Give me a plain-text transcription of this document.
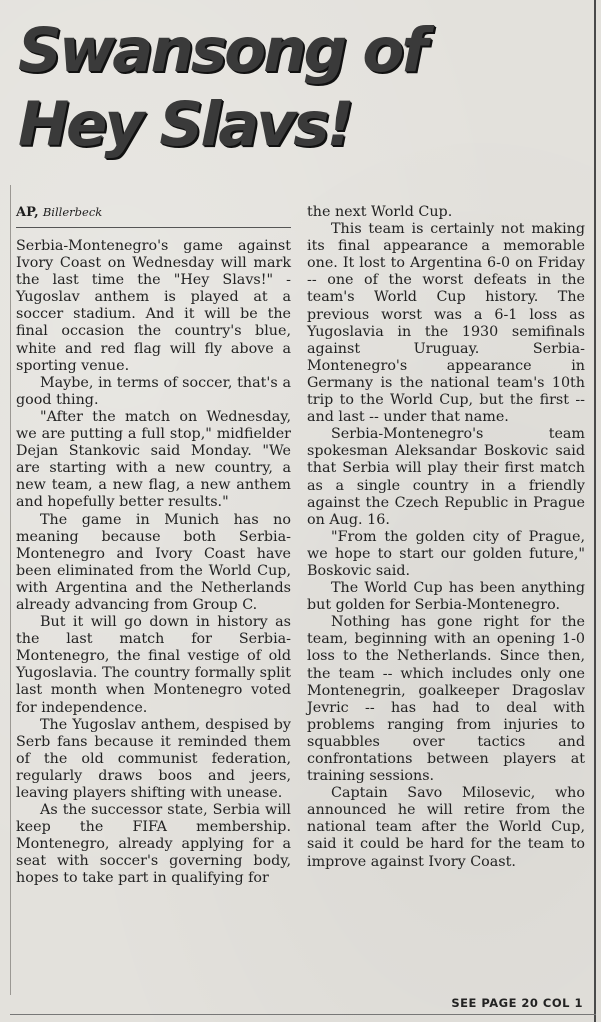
Swansong of
Hey Slavs!
AP, Billerbeck

Serbia-Montenegro's game against Ivory Coast on Wednesday will mark the last time the "Hey Slavs!" -Yugoslav anthem is played at a soccer stadium. And it will be the final occasion the country's blue, white and red flag will fly above a sporting venue.

Maybe, in terms of soccer, that's a good thing.

"After the match on Wednesday, we are putting a full stop," midfielder Dejan Stankovic said Monday. "We are starting with a new country, a new team, a new flag, a new anthem and hopefully better results."

The game in Munich has no meaning because both Serbia-Montenegro and Ivory Coast have been eliminated from the World Cup, with Argentina and the Netherlands already advancing from Group C.

But it will go down in history as the last match for Serbia-Montenegro, the final vestige of old Yugoslavia. The country formally split last month when Montenegro voted for independence.

The Yugoslav anthem, despised by Serb fans because it reminded them of the old communist federation, regularly draws boos and jeers, leaving players shifting with unease.

As the successor state, Serbia will keep the FIFA membership. Montenegro, already applying for a seat with soccer's governing body, hopes to take part in qualifying for

the next World Cup.

This team is certainly not making its final appearance a memorable one. It lost to Argentina 6-0 on Friday -- one of the worst defeats in the team's World Cup history. The previous worst was a 6-1 loss as Yugoslavia in the 1930 semifinals against Uruguay. Serbia-Montenegro's appearance in Germany is the national team's 10th trip to the World Cup, but the first -- and last -- under that name.

Serbia-Montenegro's team spokesman Aleksandar Boskovic said that Serbia will play their first match as a single country in a friendly against the Czech Republic in Prague on Aug. 16.

"From the golden city of Prague, we hope to start our golden future," Boskovic said.

The World Cup has been anything but golden for Serbia-Montenegro.

Nothing has gone right for the team, beginning with an opening 1-0 loss to the Netherlands. Since then, the team -- which includes only one Montenegrin, goalkeeper Dragoslav Jevric -- has had to deal with problems ranging from injuries to squabbles over tactics and confrontations between players at training sessions.

Captain Savo Milosevic, who announced he will retire from the national team after the World Cup, said it could be hard for the team to improve against Ivory Coast.

SEE PAGE 20 COL 1
